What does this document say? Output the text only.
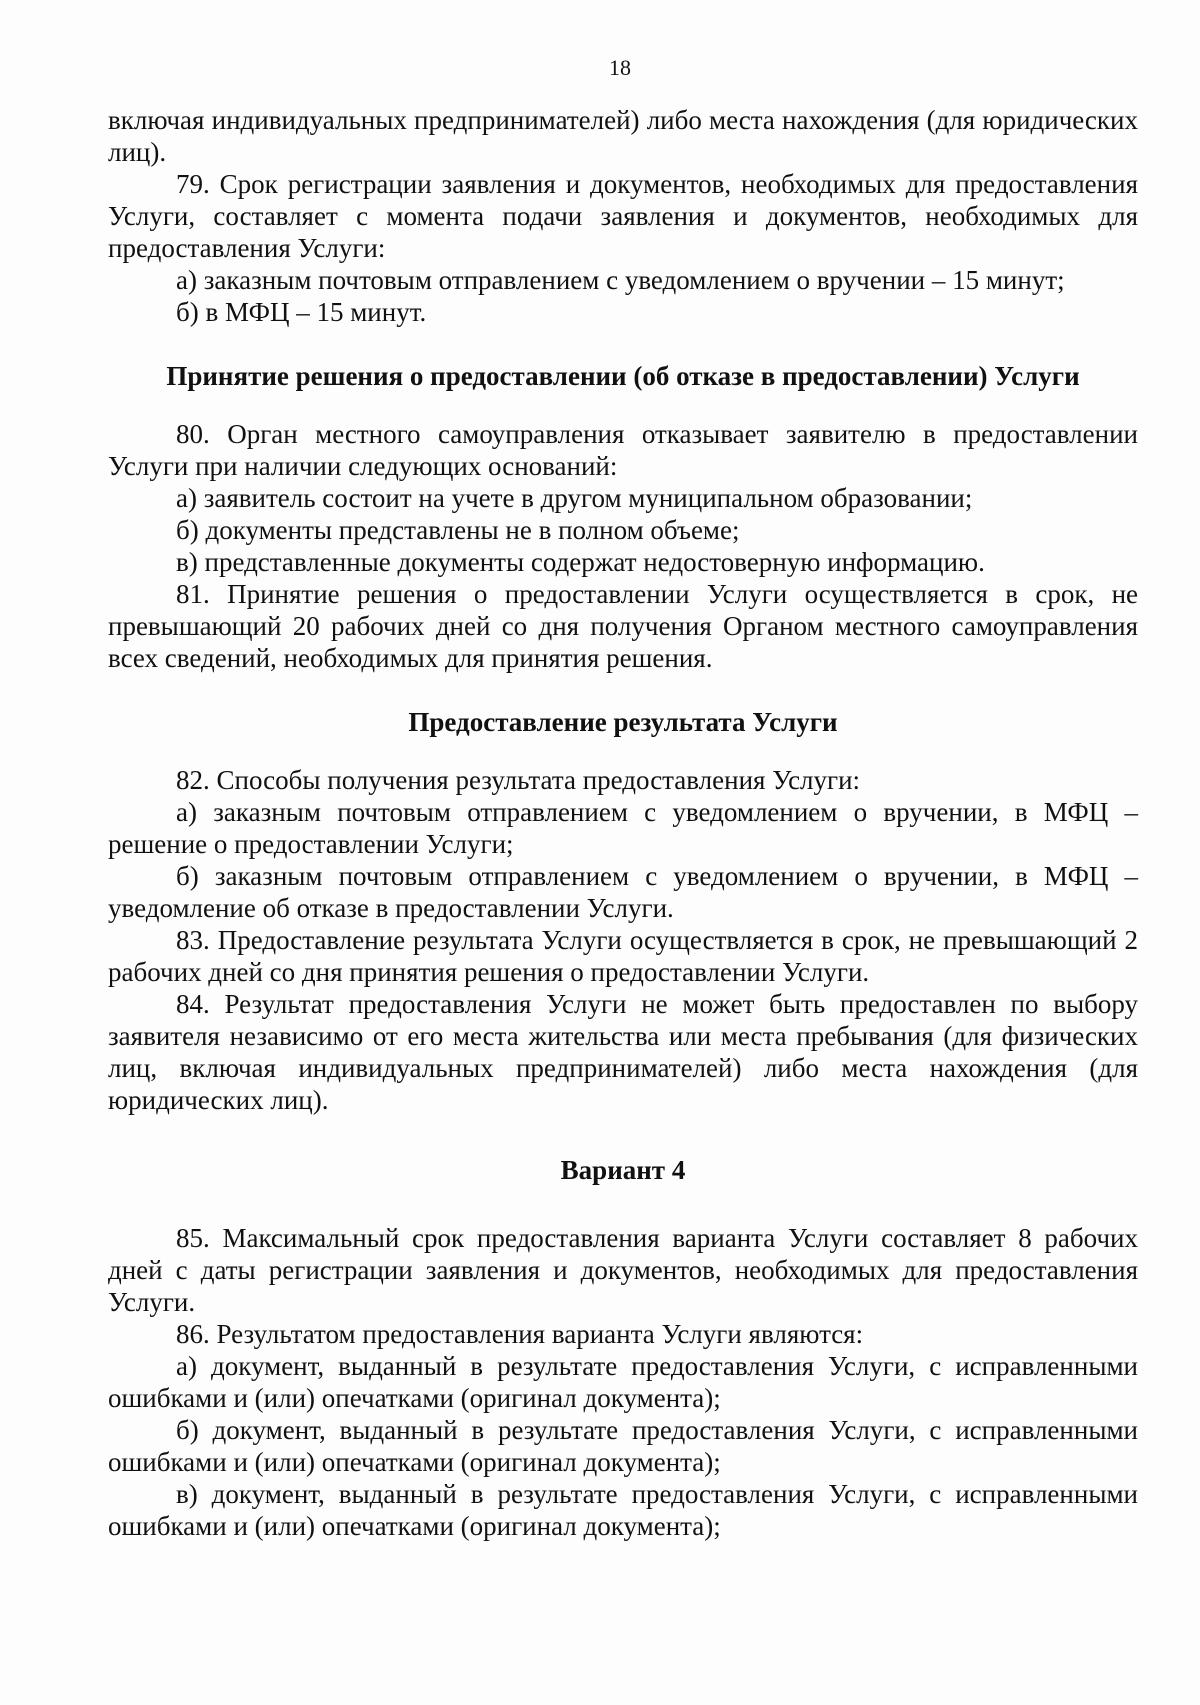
18

включая индивидуальных предпринимателей) либо места нахождения (для юридических лиц).

79. Срок регистрации заявления и документов, необходимых для предоставления Услуги, составляет с момента подачи заявления и документов, необходимых для предоставления Услуги:

а) заказным почтовым отправлением с уведомлением о вручении – 15 минут;

б) в МФЦ – 15 минут.

Принятие решения о предоставлении (об отказе в предоставлении) Услуги

80. Орган местного самоуправления отказывает заявителю в предоставлении Услуги при наличии следующих оснований:

а) заявитель состоит на учете в другом муниципальном образовании;

б) документы представлены не в полном объеме;

в) представленные документы содержат недостоверную информацию.

81. Принятие решения о предоставлении Услуги осуществляется в срок, не превышающий 20 рабочих дней со дня получения Органом местного самоуправления всех сведений, необходимых для принятия решения.

Предоставление результата Услуги

82. Способы получения результата предоставления Услуги:

а) заказным почтовым отправлением с уведомлением о вручении, в МФЦ – решение о предоставлении Услуги;

б) заказным почтовым отправлением с уведомлением о вручении, в МФЦ – уведомление об отказе в предоставлении Услуги.

83. Предоставление результата Услуги осуществляется в срок, не превышающий 2 рабочих дней со дня принятия решения о предоставлении Услуги.

84. Результат предоставления Услуги не может быть предоставлен по выбору заявителя независимо от его места жительства или места пребывания (для физических лиц, включая индивидуальных предпринимателей) либо места нахождения (для юридических лиц).

Вариант 4

85. Максимальный срок предоставления варианта Услуги составляет 8 рабочих дней с даты регистрации заявления и документов, необходимых для предоставления Услуги.

86. Результатом предоставления варианта Услуги являются:

а) документ, выданный в результате предоставления Услуги, с исправленными ошибками и (или) опечатками (оригинал документа);

б) документ, выданный в результате предоставления Услуги, с исправленными ошибками и (или) опечатками (оригинал документа);

в) документ, выданный в результате предоставления Услуги, с исправленными ошибками и (или) опечатками (оригинал документа);
